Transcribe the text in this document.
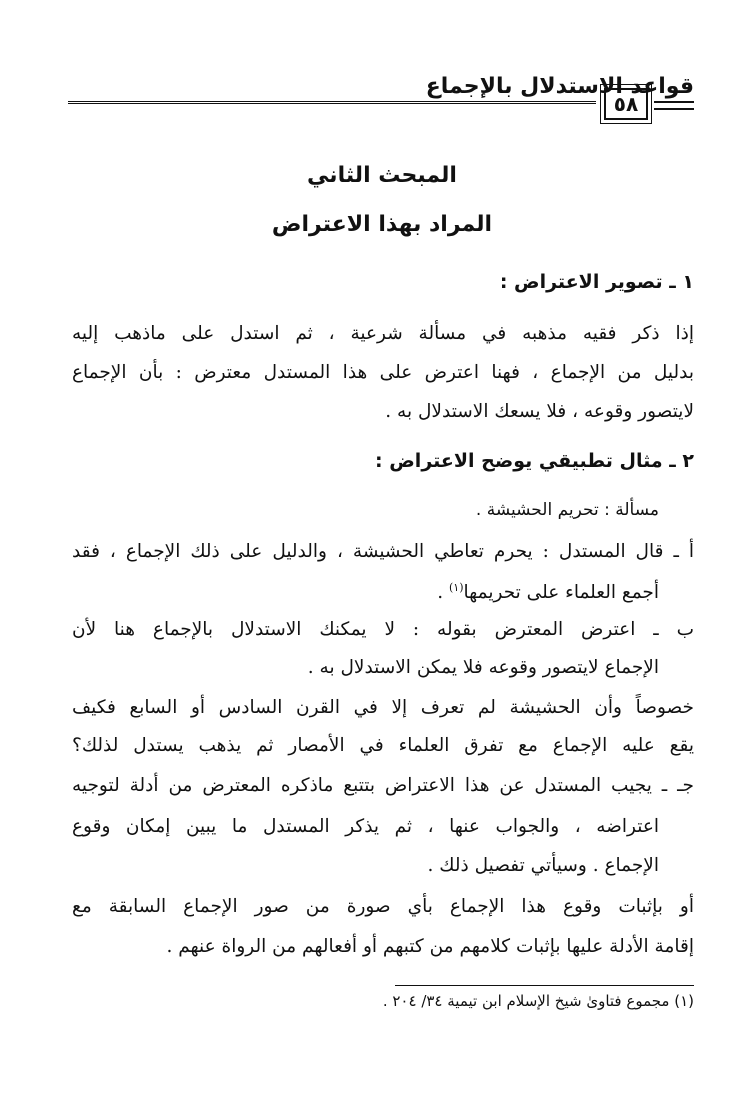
قواعد الاستدلال بالإجماع
٥٨
المبحث الثاني
المراد بهذا الاعتراض
١ ـ تصوير الاعتراض :
إذا ذكر فقيه مذهبه في مسألة شرعية ، ثم استدل على ماذهب إليه
بدليل من الإجماع ، فهنا اعترض على هذا المستدل معترض : بأن الإجماع
لايتصور وقوعه ، فلا يسعك الاستدلال به .
٢ ـ مثال تطبيقي يوضح الاعتراض :
مسألة : تحريم الحشيشة .
أ ـ قال المستدل : يحرم تعاطي الحشيشة ، والدليل على ذلك الإجماع ، فقد
أجمع العلماء على تحريمها$^{(١)}$ .
ب ـ اعترض المعترض بقوله : لا يمكنك الاستدلال بالإجماع هنا لأن
الإجماع لايتصور وقوعه فلا يمكن الاستدلال به .
خصوصاً وأن الحشيشة لم تعرف إلا في القرن السادس أو السابع فكيف
يقع عليه الإجماع مع تفرق العلماء في الأمصار ثم يذهب يستدل لذلك؟
جـ ـ يجيب المستدل عن هذا الاعتراض بتتبع ماذكره المعترض من أدلة لتوجيه
اعتراضه ، والجواب عنها ، ثم يذكر المستدل ما يبين إمكان وقوع
الإجماع . وسيأتي تفصيل ذلك .
أو بإثبات وقوع هذا الإجماع بأي صورة من صور الإجماع السابقة مع
إقامة الأدلة عليها بإثبات كلامهم من كتبهم أو أفعالهم من الرواة عنهم .
(١) مجموع فتاوىٰ شيخ الإسلام ابن تيمية ٣٤/ ٢٠٤ .
